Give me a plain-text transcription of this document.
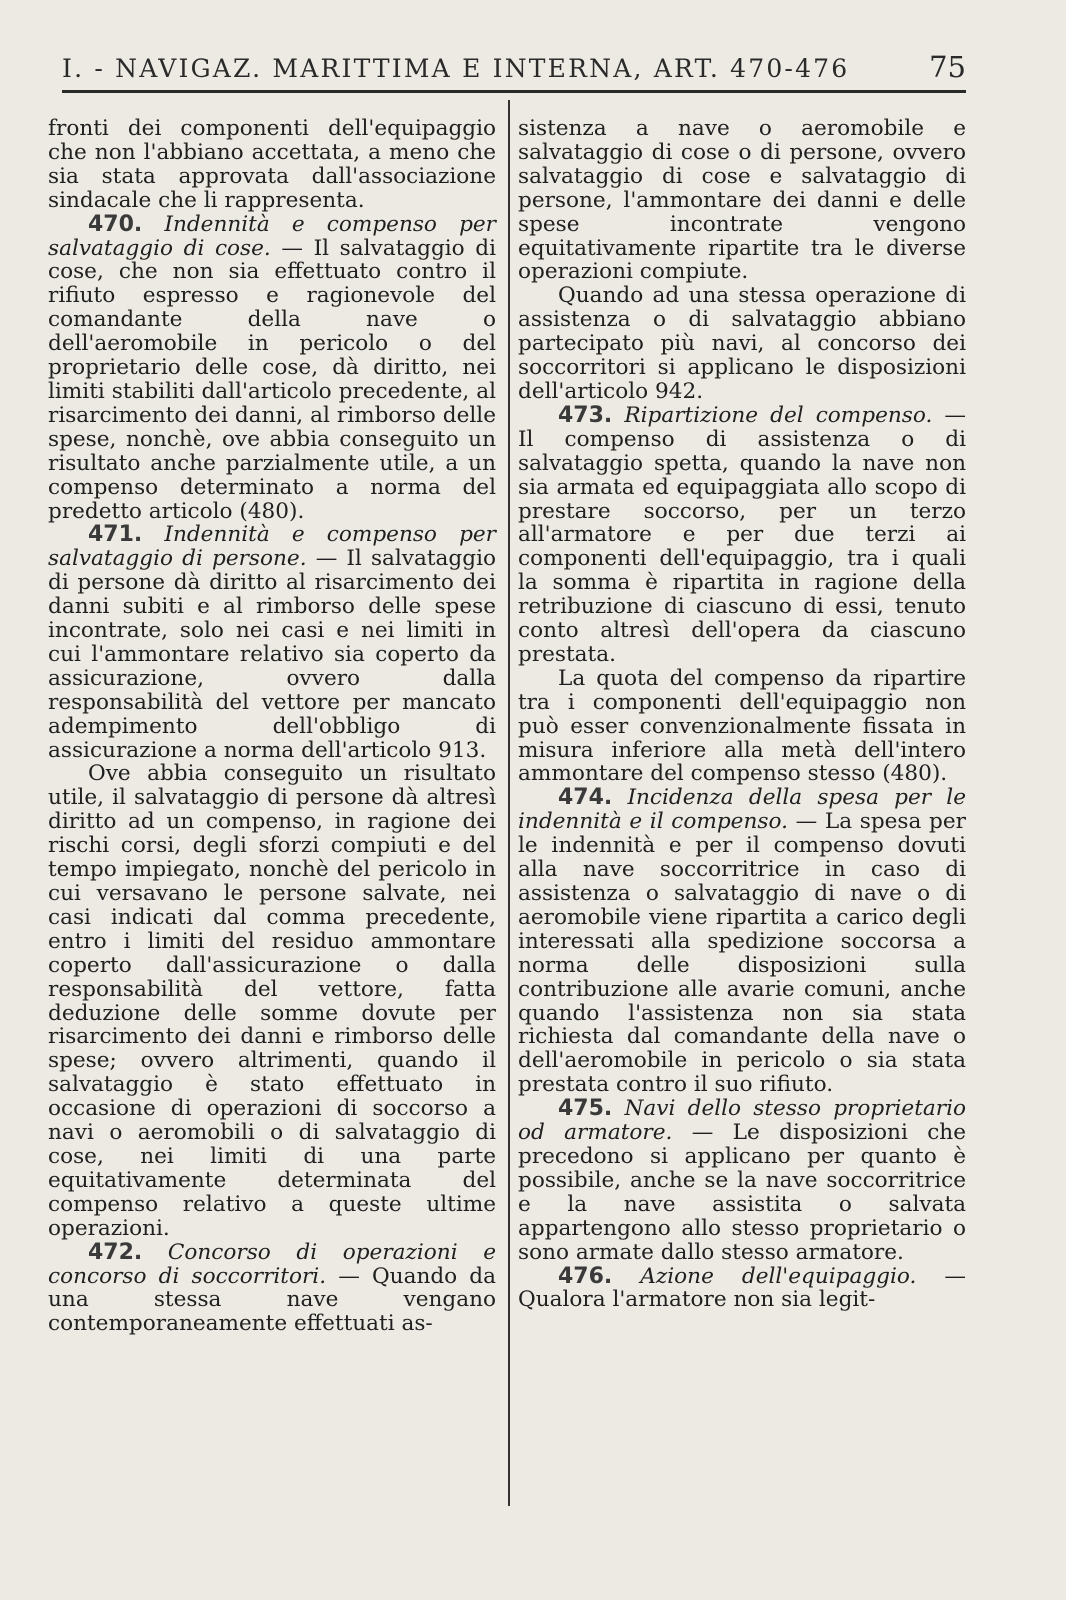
I. - NAVIGAZ. MARITTIMA E INTERNA, ART. 470-476	75

fronti dei componenti dell'equipaggio che non l'abbiano accettata, a meno che sia stata approvata dall'associazione sindacale che li rappresenta.

470. Indennità e compenso per salvataggio di cose. — Il salvataggio di cose, che non sia effettuato contro il rifiuto espresso e ragionevole del comandante della nave o dell'aeromobile in pericolo o del proprietario delle cose, dà diritto, nei limiti stabiliti dall'articolo precedente, al risarcimento dei danni, al rimborso delle spese, nonchè, ove abbia conseguito un risultato anche parzialmente utile, a un compenso determinato a norma del predetto articolo (480).

471. Indennità e compenso per salvataggio di persone. — Il salvataggio di persone dà diritto al risarcimento dei danni subiti e al rimborso delle spese incontrate, solo nei casi e nei limiti in cui l'ammontare relativo sia coperto da assicurazione, ovvero dalla responsabilità del vettore per mancato adempimento dell'obbligo di assicurazione a norma dell'articolo 913.

Ove abbia conseguito un risultato utile, il salvataggio di persone dà altresì diritto ad un compenso, in ragione dei rischi corsi, degli sforzi compiuti e del tempo impiegato, nonchè del pericolo in cui versavano le persone salvate, nei casi indicati dal comma precedente, entro i limiti del residuo ammontare coperto dall'assicurazione o dalla responsabilità del vettore, fatta deduzione delle somme dovute per risarcimento dei danni e rimborso delle spese; ovvero altrimenti, quando il salvataggio è stato effettuato in occasione di operazioni di soccorso a navi o aeromobili o di salvataggio di cose, nei limiti di una parte equitativamente determinata del compenso relativo a queste ultime operazioni.

472. Concorso di operazioni e concorso di soccorritori. — Quando da una stessa nave vengano contemporaneamente effettuati as-

sistenza a nave o aeromobile e salvataggio di cose o di persone, ovvero salvataggio di cose e salvataggio di persone, l'ammontare dei danni e delle spese incontrate vengono equitativamente ripartite tra le diverse operazioni compiute.

Quando ad una stessa operazione di assistenza o di salvataggio abbiano partecipato più navi, al concorso dei soccorritori si applicano le disposizioni dell'articolo 942.

473. Ripartizione del compenso. — Il compenso di assistenza o di salvataggio spetta, quando la nave non sia armata ed equipaggiata allo scopo di prestare soccorso, per un terzo all'armatore e per due terzi ai componenti dell'equipaggio, tra i quali la somma è ripartita in ragione della retribuzione di ciascuno di essi, tenuto conto altresì dell'opera da ciascuno prestata.

La quota del compenso da ripartire tra i componenti dell'equipaggio non può esser convenzionalmente fissata in misura inferiore alla metà dell'intero ammontare del compenso stesso (480).

474. Incidenza della spesa per le indennità e il compenso. — La spesa per le indennità e per il compenso dovuti alla nave soccorritrice in caso di assistenza o salvataggio di nave o di aeromobile viene ripartita a carico degli interessati alla spedizione soccorsa a norma delle disposizioni sulla contribuzione alle avarie comuni, anche quando l'assistenza non sia stata richiesta dal comandante della nave o dell'aeromobile in pericolo o sia stata prestata contro il suo rifiuto.

475. Navi dello stesso proprietario od armatore. — Le disposizioni che precedono si applicano per quanto è possibile, anche se la nave soccorritrice e la nave assistita o salvata appartengono allo stesso proprietario o sono armate dallo stesso armatore.

476. Azione dell'equipaggio. — Qualora l'armatore non sia legit-
